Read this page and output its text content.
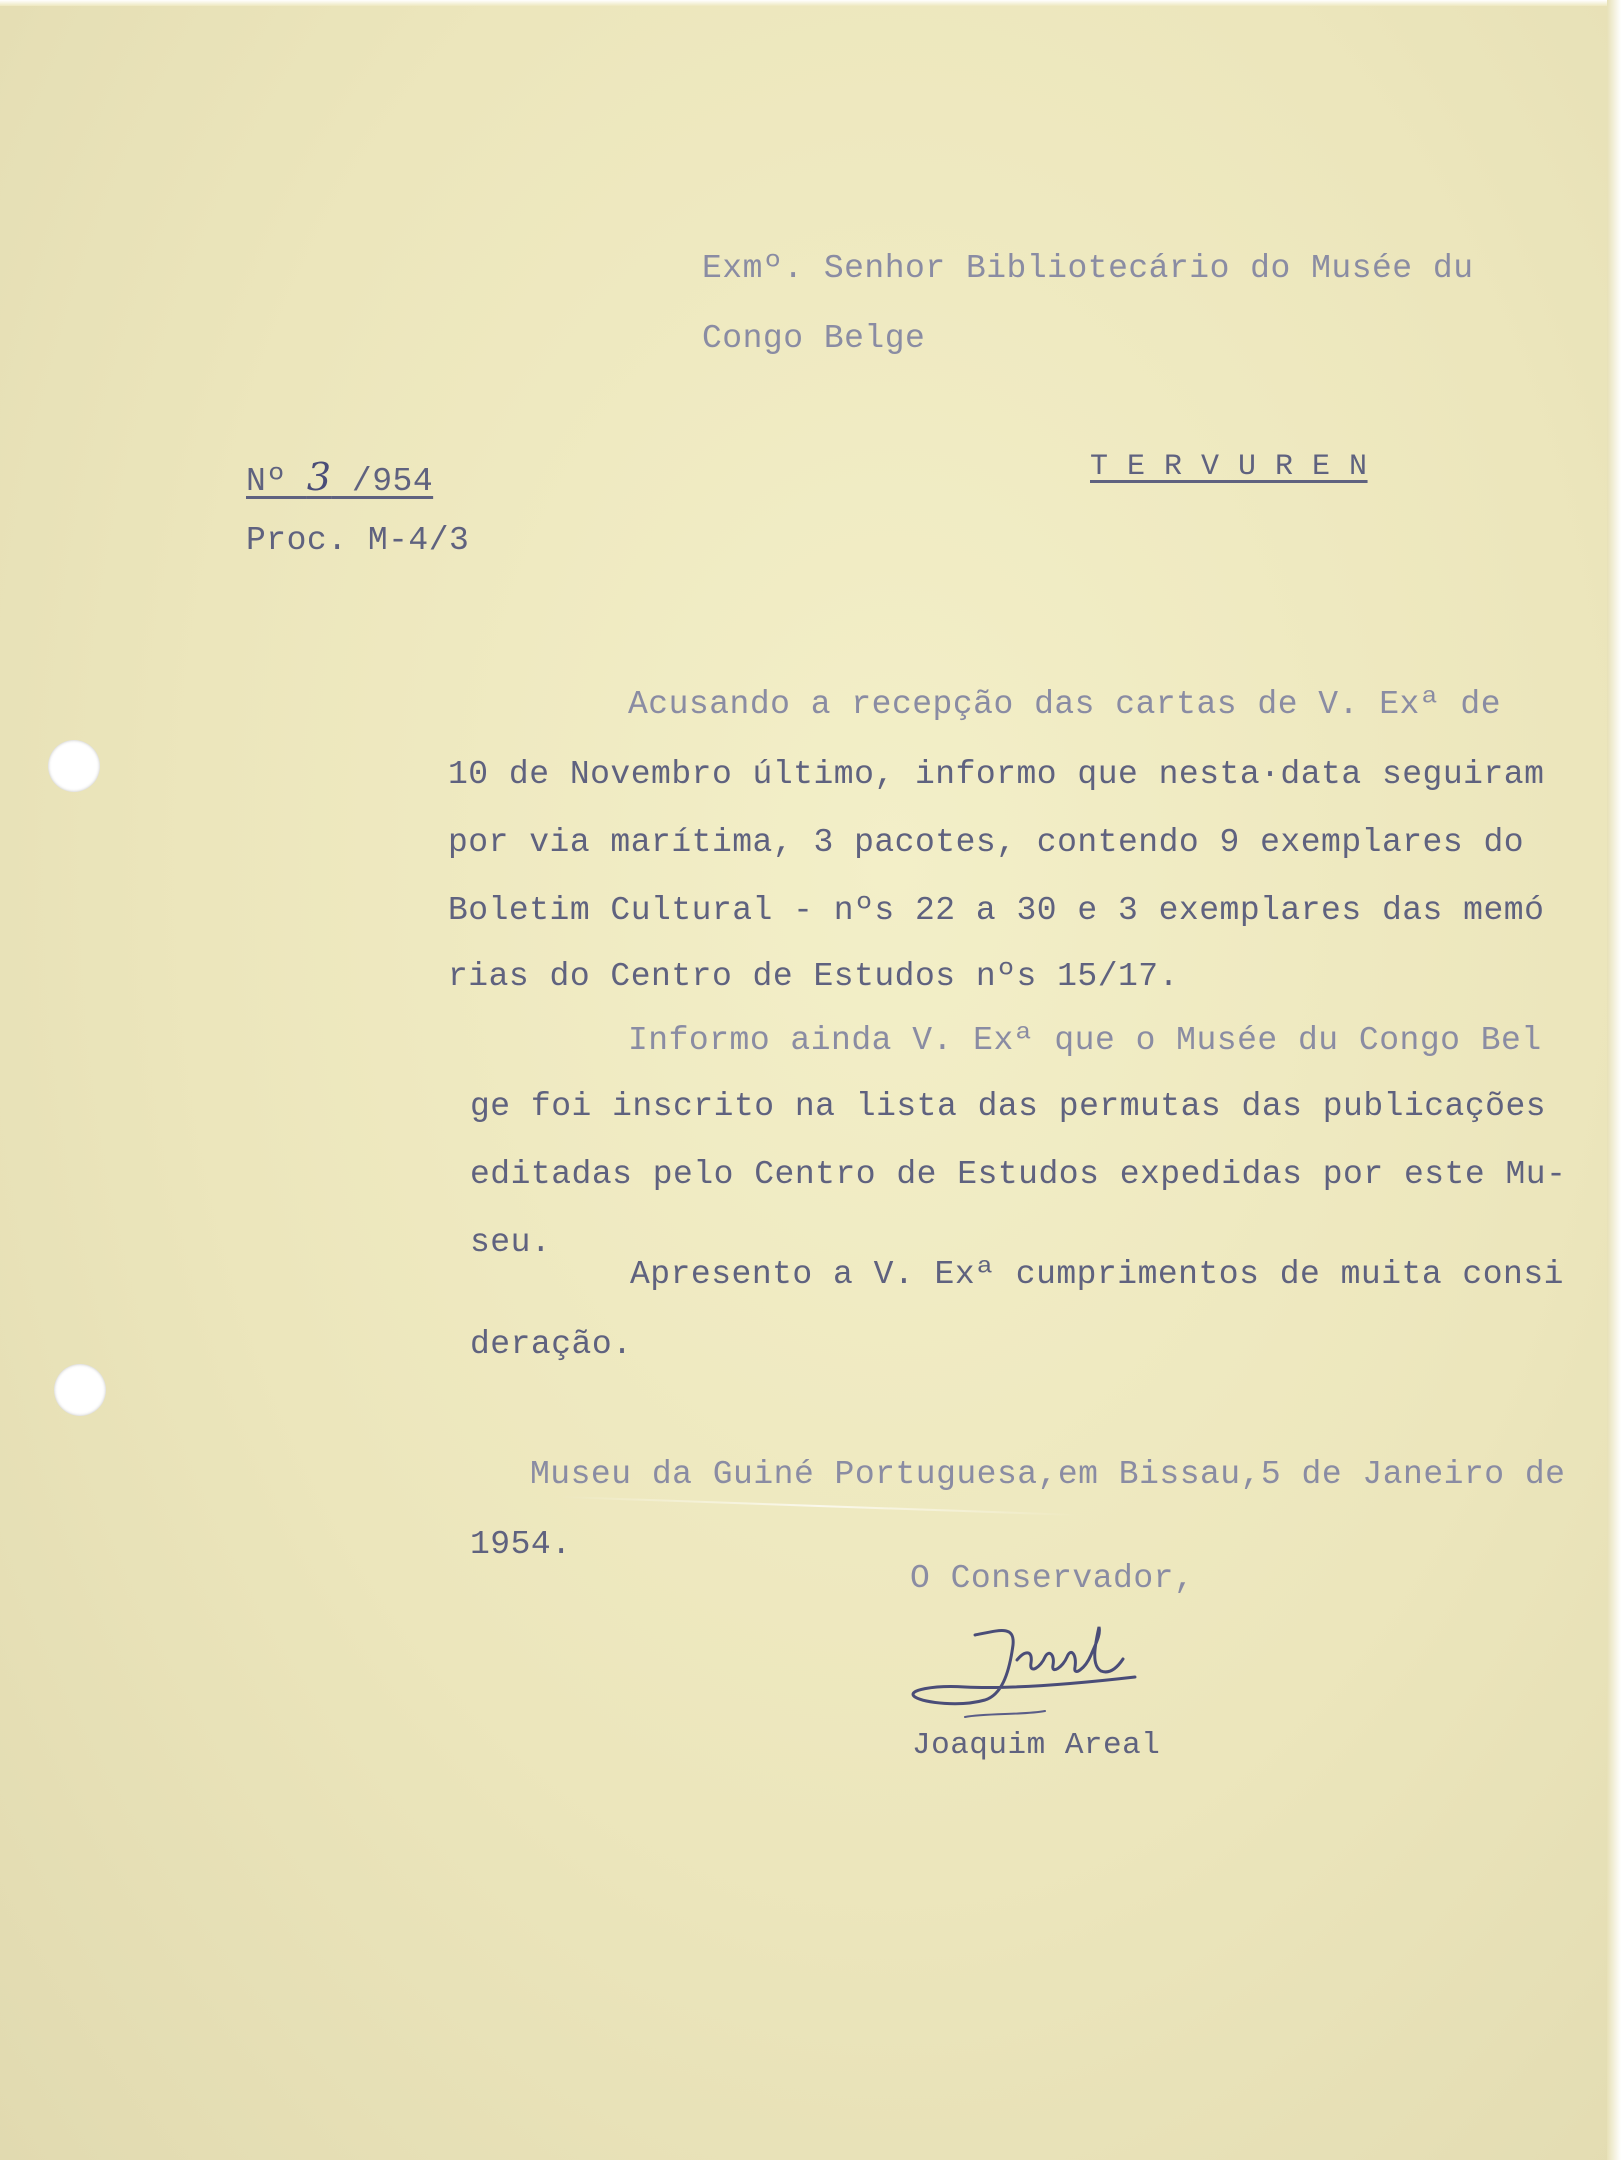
Exmº. Senhor Bibliotecário do Musée du
Congo Belge
Nº 3 /954
Proc. M-4/3
T E R V U R E N
Acusando a recepção das cartas de V. Exª de
10 de Novembro último, informo que nesta·data seguiram
por via marítima, 3 pacotes, contendo 9 exemplares do
Boletim Cultural - nºs 22 a 30 e 3 exemplares das memó
rias do Centro de Estudos nºs 15/17.
Informo ainda V. Exª que o Musée du Congo Bel
ge foi inscrito na lista das permutas das publicações
editadas pelo Centro de Estudos expedidas por este Mu-
seu.
Apresento a V. Exª cumprimentos de muita consi
deração.
Museu da Guiné Portuguesa,em Bissau,5 de Janeiro de
1954.
O Conservador,
Joaquim Areal
